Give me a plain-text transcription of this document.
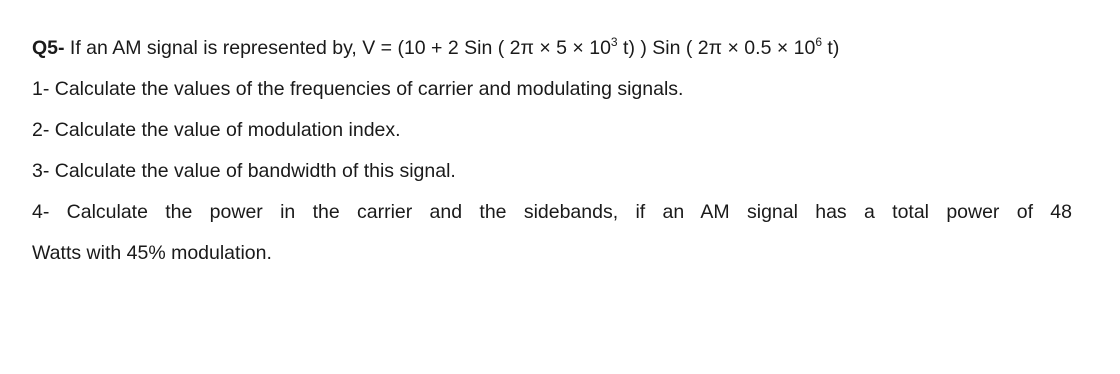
Q5- If an AM signal is represented by, V = (10 + 2 Sin ( $2\pi \times 5 \times 10^3$ t) ) Sin ( $2\pi \times 0.5 \times 10^6$ t)
1- Calculate the values of the frequencies of carrier and modulating signals.
2- Calculate the value of modulation index.
3- Calculate the value of bandwidth of this signal.
4- Calculate the power in the carrier and the sidebands, if an AM signal has a total power of 48
Watts with 45% modulation.
